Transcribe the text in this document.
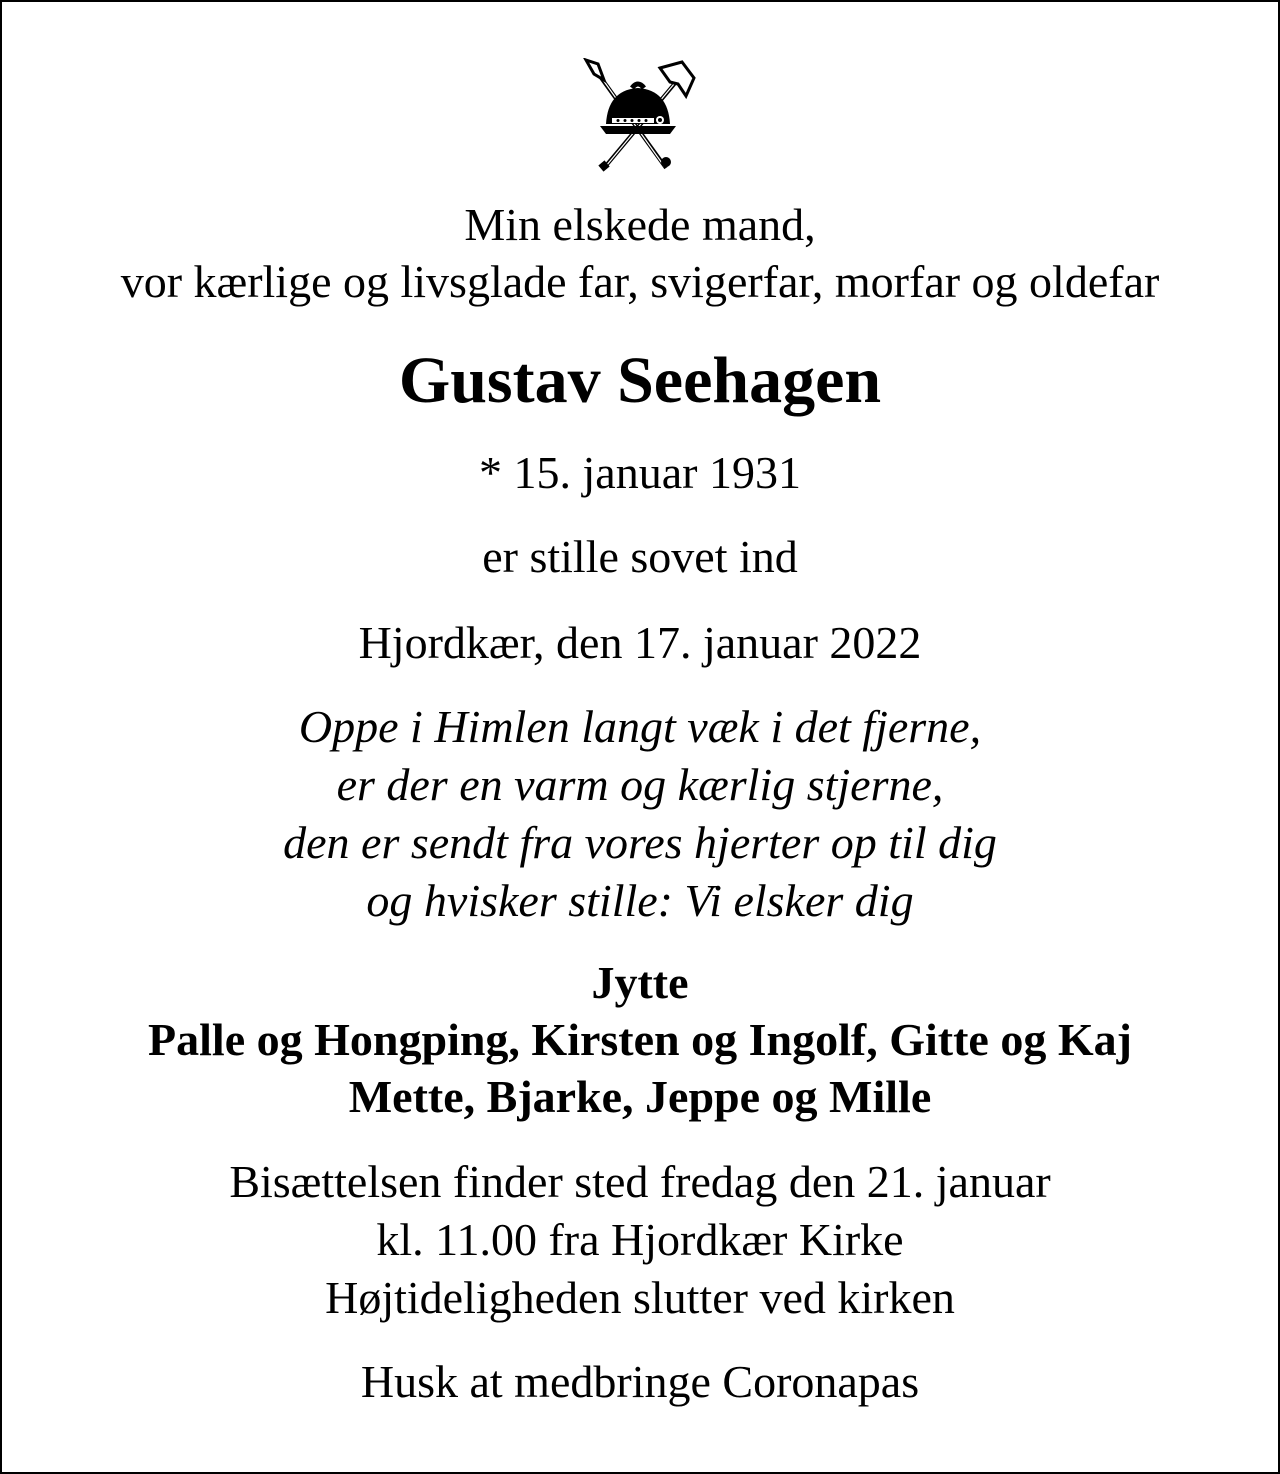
Min elskede mand,
vor kærlige og livsglade far, svigerfar, morfar og oldefar
Gustav Seehagen
* 15. januar 1931
er stille sovet ind
Hjordkær, den 17. januar 2022
Oppe i Himlen langt væk i det fjerne,
er der en varm og kærlig stjerne,
den er sendt fra vores hjerter op til dig
og hvisker stille: Vi elsker dig
Jytte
Palle og Hongping, Kirsten og Ingolf, Gitte og Kaj
Mette, Bjarke, Jeppe og Mille
Bisættelsen finder sted fredag den 21. januar
kl. 11.00 fra Hjordkær Kirke
Højtideligheden slutter ved kirken
Husk at medbringe Coronapas
